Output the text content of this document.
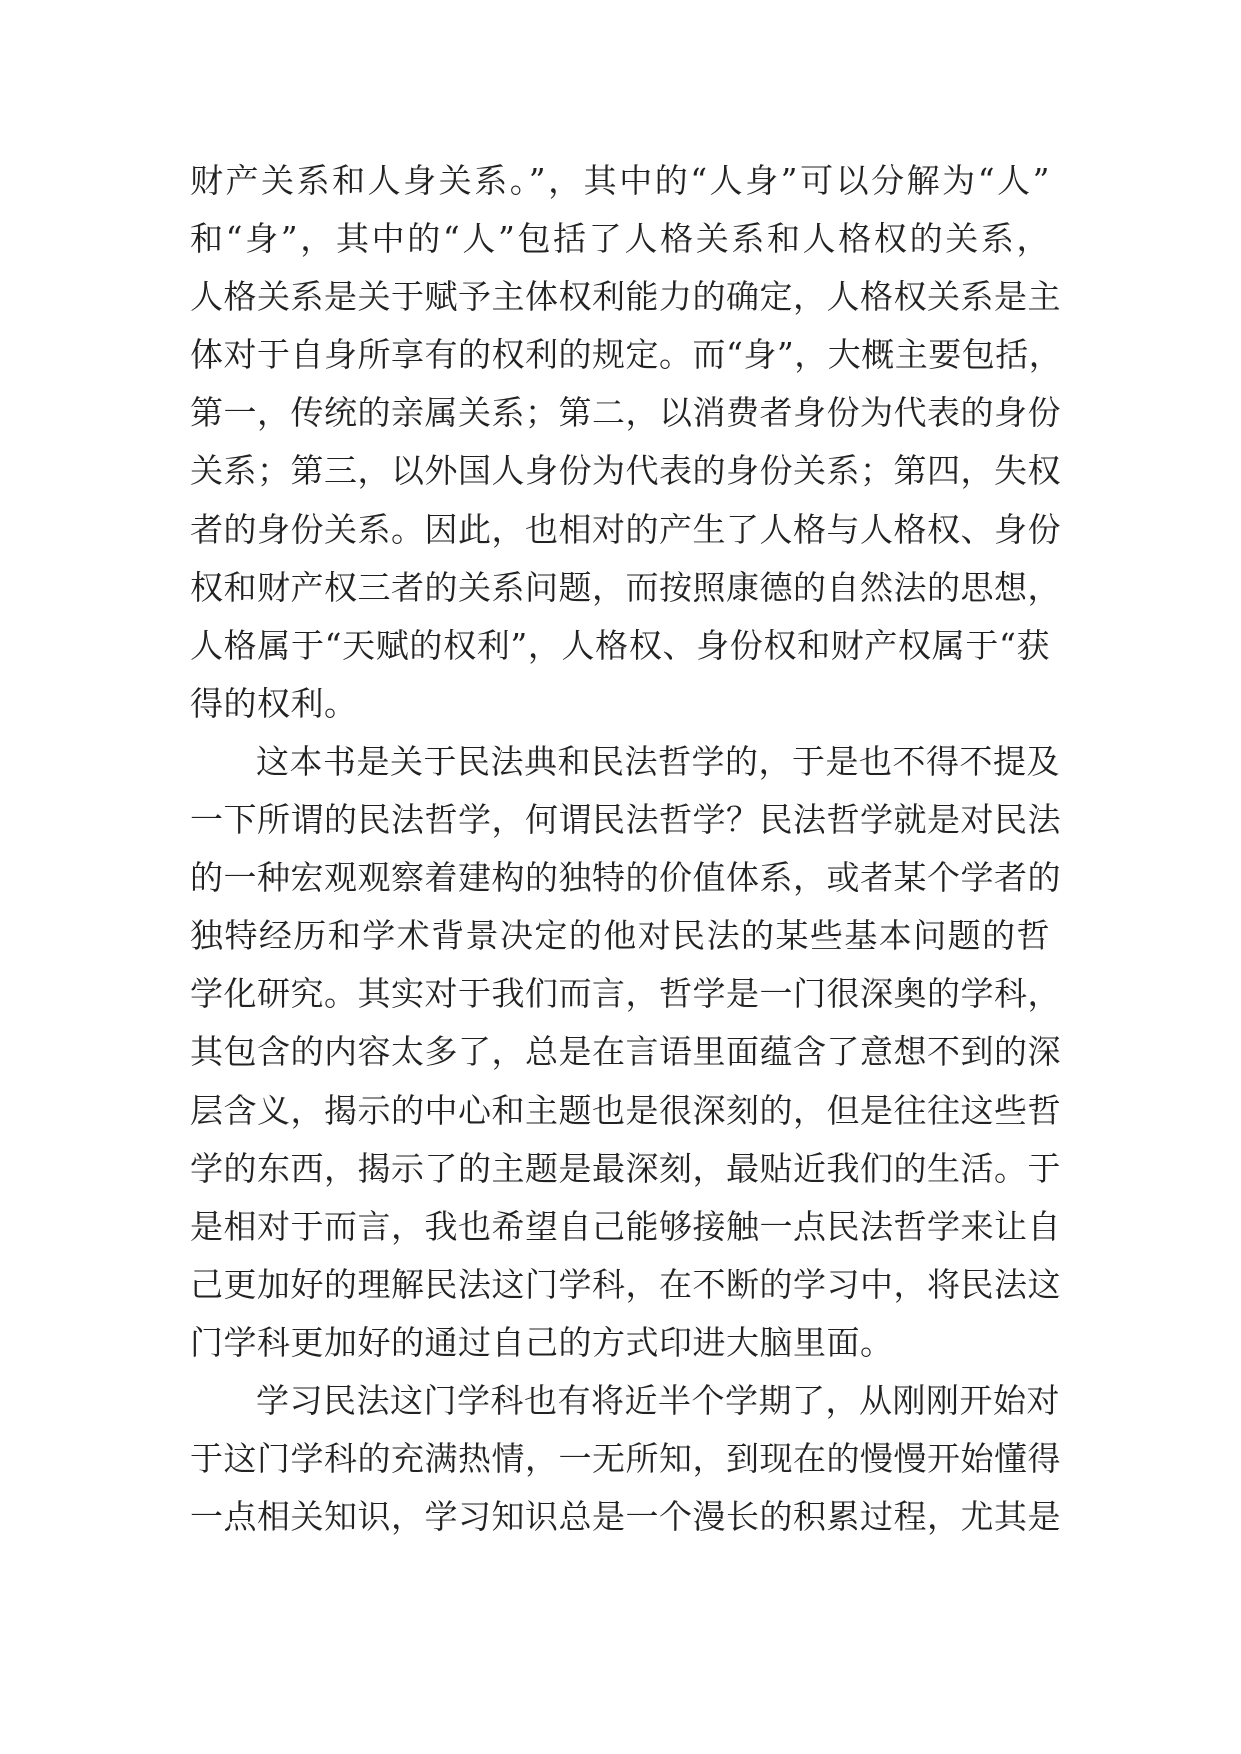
财产关系和人身关系。”，其中的“人身”可以分解为“人”
和“身”，其中的“人”包括了人格关系和人格权的关系，
人格关系是关于赋予主体权利能力的确定，人格权关系是主
体对于自身所享有的权利的规定。而“身”，大概主要包括，
第一，传统的亲属关系；第二，以消费者身份为代表的身份
关系；第三，以外国人身份为代表的身份关系；第四，失权
者的身份关系。因此，也相对的产生了人格与人格权、身份
权和财产权三者的关系问题，而按照康德的自然法的思想，
人格属于“天赋的权利”，人格权、身份权和财产权属于“获
得的权利。
这本书是关于民法典和民法哲学的，于是也不得不提及
一下所谓的民法哲学，何谓民法哲学？民法哲学就是对民法
的一种宏观观察着建构的独特的价值体系，或者某个学者的
独特经历和学术背景决定的他对民法的某些基本问题的哲
学化研究。其实对于我们而言，哲学是一门很深奥的学科，
其包含的内容太多了，总是在言语里面蕴含了意想不到的深
层含义，揭示的中心和主题也是很深刻的，但是往往这些哲
学的东西，揭示了的主题是最深刻，最贴近我们的生活。于
是相对于而言，我也希望自己能够接触一点民法哲学来让自
己更加好的理解民法这门学科，在不断的学习中，将民法这
门学科更加好的通过自己的方式印进大脑里面。
学习民法这门学科也有将近半个学期了，从刚刚开始对
于这门学科的充满热情，一无所知，到现在的慢慢开始懂得
一点相关知识，学习知识总是一个漫长的积累过程，尤其是
